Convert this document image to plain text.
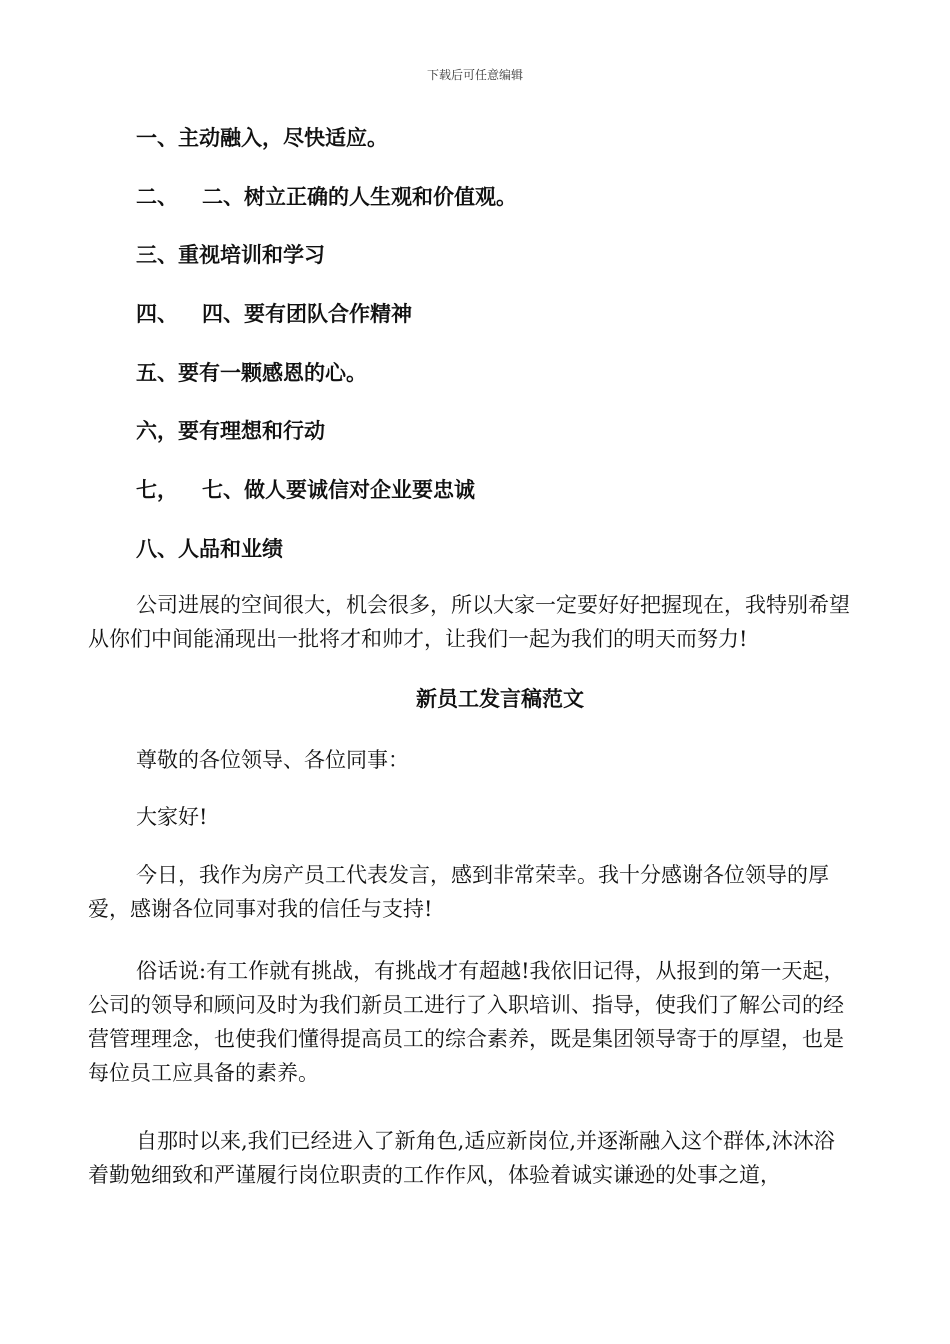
下载后可任意编辑
一、主动融入，尽快适应。
二、 二、树立正确的人生观和价值观。
三、重视培训和学习
四、 四、要有团队合作精神
五、要有一颗感恩的心。
六，要有理想和行动
七， 七、做人要诚信对企业要忠诚
八、人品和业绩

公司进展的空间很大，机会很多，所以大家一定要好好把握现在，我特别希望从你们中间能涌现出一批将才和帅才，让我们一起为我们的明天而努力!

新员工发言稿范文

尊敬的各位领导、各位同事：

大家好!

今日，我作为房产员工代表发言，感到非常荣幸。我十分感谢各位领导的厚爱，感谢各位同事对我的信任与支持!

俗话说:有工作就有挑战，有挑战才有超越!我依旧记得，从报到的第一天起，公司的领导和顾问及时为我们新员工进行了入职培训、指导，使我们了解公司的经营管理理念，也使我们懂得提高员工的综合素养，既是集团领导寄于的厚望，也是每位员工应具备的素养。

自那时以来,我们已经进入了新角色,适应新岗位,并逐渐融入这个群体,沐沐浴着勤勉细致和严谨履行岗位职责的工作作风，体验着诚实谦逊的处事之道，
